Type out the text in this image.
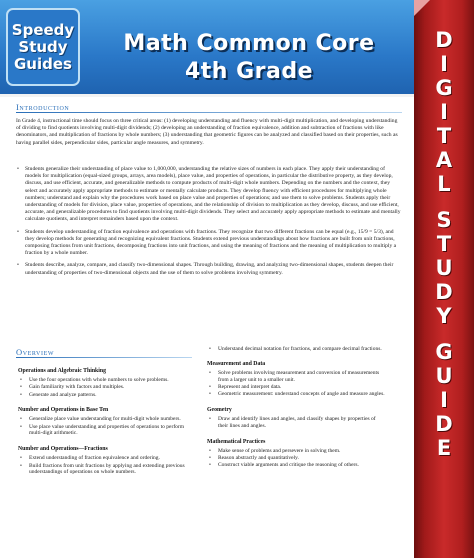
Speedy
Study
Guides
Math Common Core
4th Grade
Introduction

In Grade 4, instructional time should focus on three critical areas: (1) developing understanding and fluency with multi-digit multiplication, and developing understanding of dividing to find quotients involving multi-digit dividends; (2) developing an understanding of fraction equivalence, addition and subtraction of fractions with like denominators, and multiplication of fractions by whole numbers; (3) understanding that geometric figures can be analyzed and classified based on their properties, such as having parallel sides, perpendicular sides, particular angle measures, and symmetry.

• Students generalize their understanding of place value to 1,000,000, understanding the relative sizes of numbers in each place. They apply their understanding of models for multiplication (equal-sized groups, arrays, area models), place value, and properties of operations, in particular the distributive property, as they develop, discuss, and use efficient, accurate, and generalizable methods to compute products of multi-digit whole numbers. Depending on the numbers and the context, they select and accurately apply appropriate methods to estimate or mentally calculate products. They develop fluency with efficient procedures for multiplying whole numbers; understand and explain why the procedures work based on place value and properties of operations; and use them to solve problems. Students apply their understanding of models for division, place value, properties of operations, and the relationship of division to multiplication as they develop, discuss, and use efficient, accurate, and generalizable procedures to find quotients involving multi-digit dividends. They select and accurately apply appropriate methods to estimate and mentally calculate quotients, and interpret remainders based upon the context.
• Students develop understanding of fraction equivalence and operations with fractions. They recognize that two different fractions can be equal (e.g., 15/9 = 5/3), and they develop methods for generating and recognizing equivalent fractions. Students extend previous understandings about how fractions are built from unit fractions, composing fractions from unit fractions, decomposing fractions into unit fractions, and using the meaning of fractions and the meaning of multiplication to multiply a fraction by a whole number.
• Students describe, analyze, compare, and classify two-dimensional shapes. Through building, drawing, and analyzing two-dimensional shapes, students deepen their understanding of properties of two-dimensional objects and the use of them to solve problems involving symmetry.
Overview
Operations and Algebraic Thinking
• Use the four operations with whole numbers to solve problems.
• Gain familiarity with factors and multiples.
• Generate and analyze patterns.
Number and Operations in Base Ten
• Generalize place value understanding for multi-digit whole numbers.
• Use place value understanding and properties of operations to perform multi-digit arithmetic.
Number and Operations—Fractions
• Extend understanding of fraction equivalence and ordering.
• Build fractions from unit fractions by applying and extending previous understandings of operations on whole numbers.
• Understand decimal notation for fractions, and compare decimal fractions.
Measurement and Data
• Solve problems involving measurement and conversion of measurements from a larger unit to a smaller unit.
• Represent and interpret data.
• Geometric measurement: understand concepts of angle and measure angles.
Geometry
• Draw and identify lines and angles, and classify shapes by properties of their lines and angles.
Mathematical Practices
• Make sense of problems and persevere in solving them.
• Reason abstractly and quantitatively.
• Construct viable arguments and critique the reasoning of others.
D
I
G
I
T
A
L
S
T
U
D
Y
G
U
I
D
E
